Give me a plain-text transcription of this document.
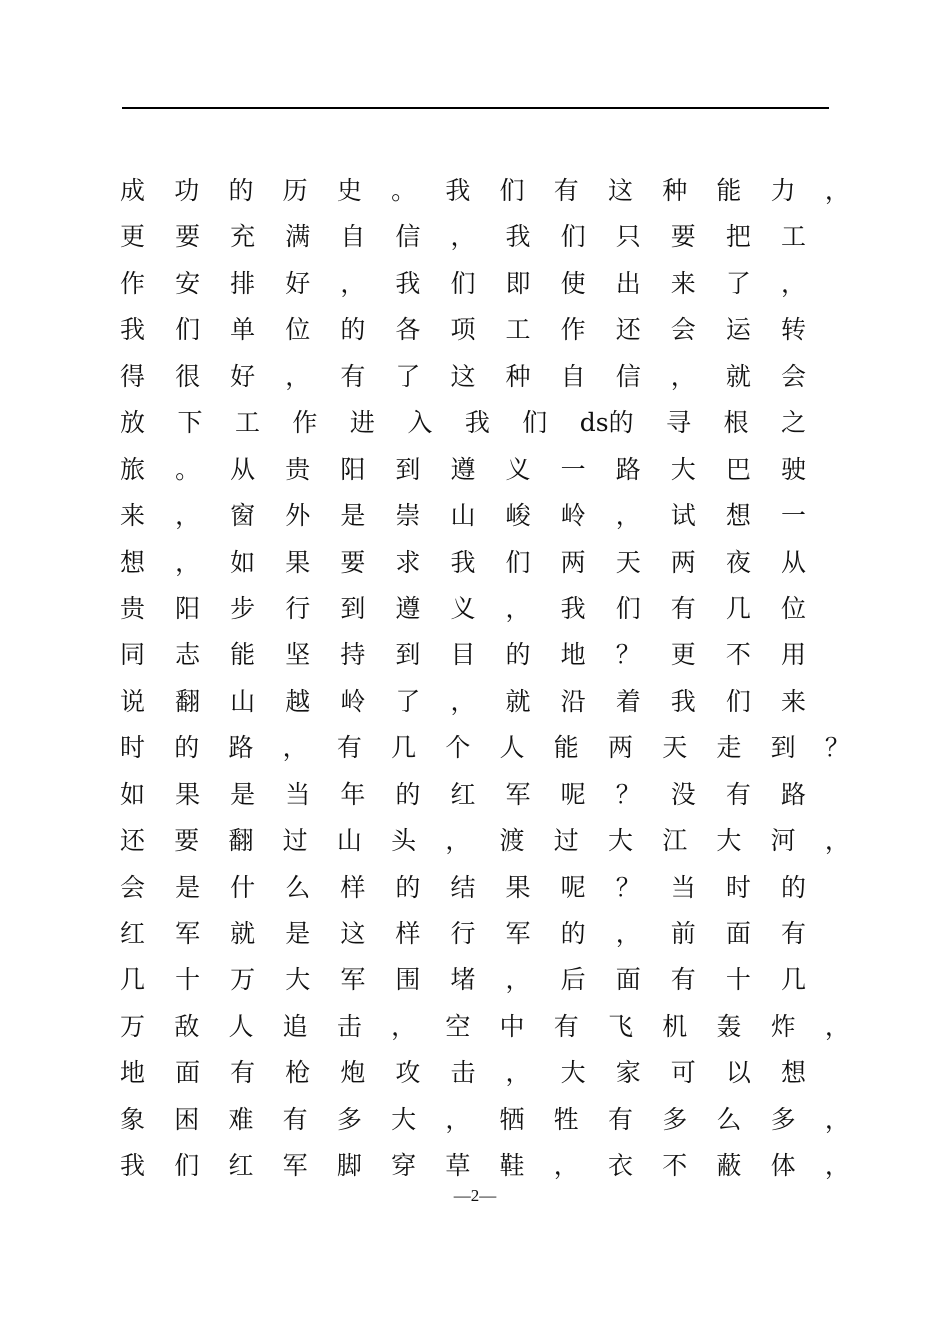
成 功 的 历 史 。 我 们 有 这 种 能 力 ，
更 要 充 满 自 信 ， 我 们 只 要 把 工
作 安 排 好 ， 我 们 即 使 出 来 了 ，
我 们 单 位 的 各 项 工 作 还 会 运 转
得 很 好 ， 有 了 这 种 自 信 ， 就 会
放 下 工 作 进 入 我 们 ds的 寻 根 之
旅 。 从 贵 阳 到 遵 义 一 路 大 巴 驶
来 ， 窗 外 是 崇 山 峻 岭 ， 试 想 一
想 ， 如 果 要 求 我 们 两 天 两 夜 从
贵 阳 步 行 到 遵 义 ， 我 们 有 几 位
同 志 能 坚 持 到 目 的 地 ？ 更 不 用
说 翻 山 越 岭 了 ， 就 沿 着 我 们 来
时 的 路 ， 有 几 个 人 能 两 天 走 到 ？
如 果 是 当 年 的 红 军 呢 ？ 没 有 路
还 要 翻 过 山 头 ， 渡 过 大 江 大 河 ，
会 是 什 么 样 的 结 果 呢 ？ 当 时 的
红 军 就 是 这 样 行 军 的 ， 前 面 有
几 十 万 大 军 围 堵 ， 后 面 有 十 几
万 敌 人 追 击 ， 空 中 有 飞 机 轰 炸 ，
地 面 有 枪 炮 攻 击 ， 大 家 可 以 想
象 困 难 有 多 大 ， 牺 牲 有 多 么 多 ，
我 们 红 军 脚 穿 草 鞋 ， 衣 不 蔽 体 ，
—2—
